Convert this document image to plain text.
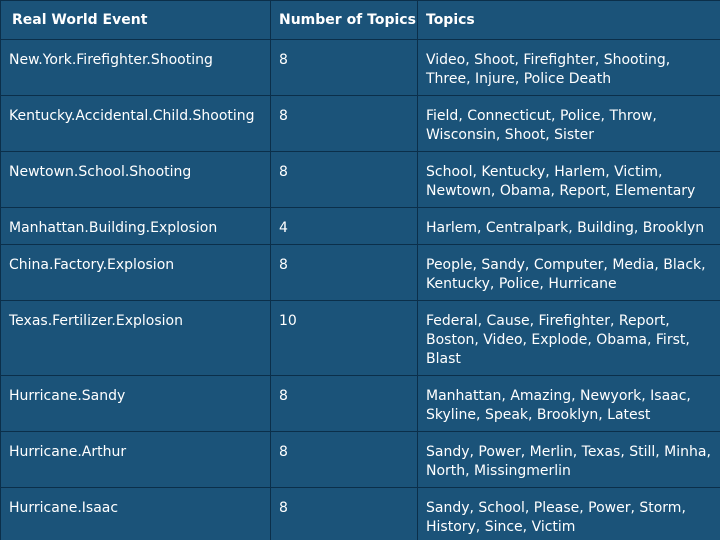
Real World Event	Number of Topics	Topics
New.York.Firefighter.Shooting	8	Video, Shoot, Firefighter, Shooting, Three, Injure, Police Death
Kentucky.Accidental.Child.Shooting	8	Field, Connecticut, Police, Throw, Wisconsin, Shoot, Sister
Newtown.School.Shooting	8	School, Kentucky, Harlem, Victim, Newtown, Obama, Report, Elementary
Manhattan.Building.Explosion	4	Harlem, Centralpark, Building, Brooklyn
China.Factory.Explosion	8	People, Sandy, Computer, Media, Black, Kentucky, Police, Hurricane
Texas.Fertilizer.Explosion	10	Federal, Cause, Firefighter, Report, Boston, Video, Explode, Obama, First, Blast
Hurricane.Sandy	8	Manhattan, Amazing, Newyork, Isaac, Skyline, Speak, Brooklyn, Latest
Hurricane.Arthur	8	Sandy, Power, Merlin, Texas, Still, Minha, North, Missingmerlin
Hurricane.Isaac	8	Sandy, School, Please, Power, Storm, History, Since, Victim
